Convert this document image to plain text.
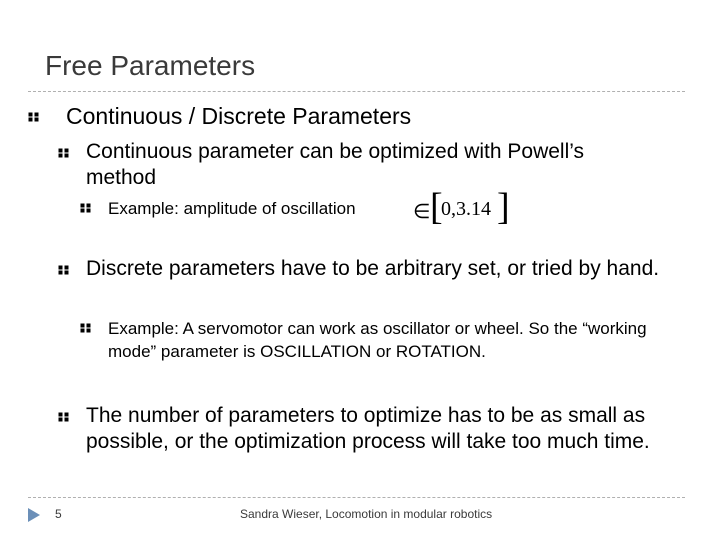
Free Parameters
Continuous / Discrete Parameters
Continuous parameter can be optimized with Powell’s method
Example: amplitude of oscillation	∈ [
0,3.14 ]
Discrete parameters have to be arbitrary set, or tried by hand.
Example: A servomotor can work as oscillator or wheel. So the “working mode” parameter is OSCILLATION or ROTATION.
The number of parameters to optimize has to be as small as possible, or the optimization process will take too much time.
5	Sandra Wieser, Locomotion in modular robotics
